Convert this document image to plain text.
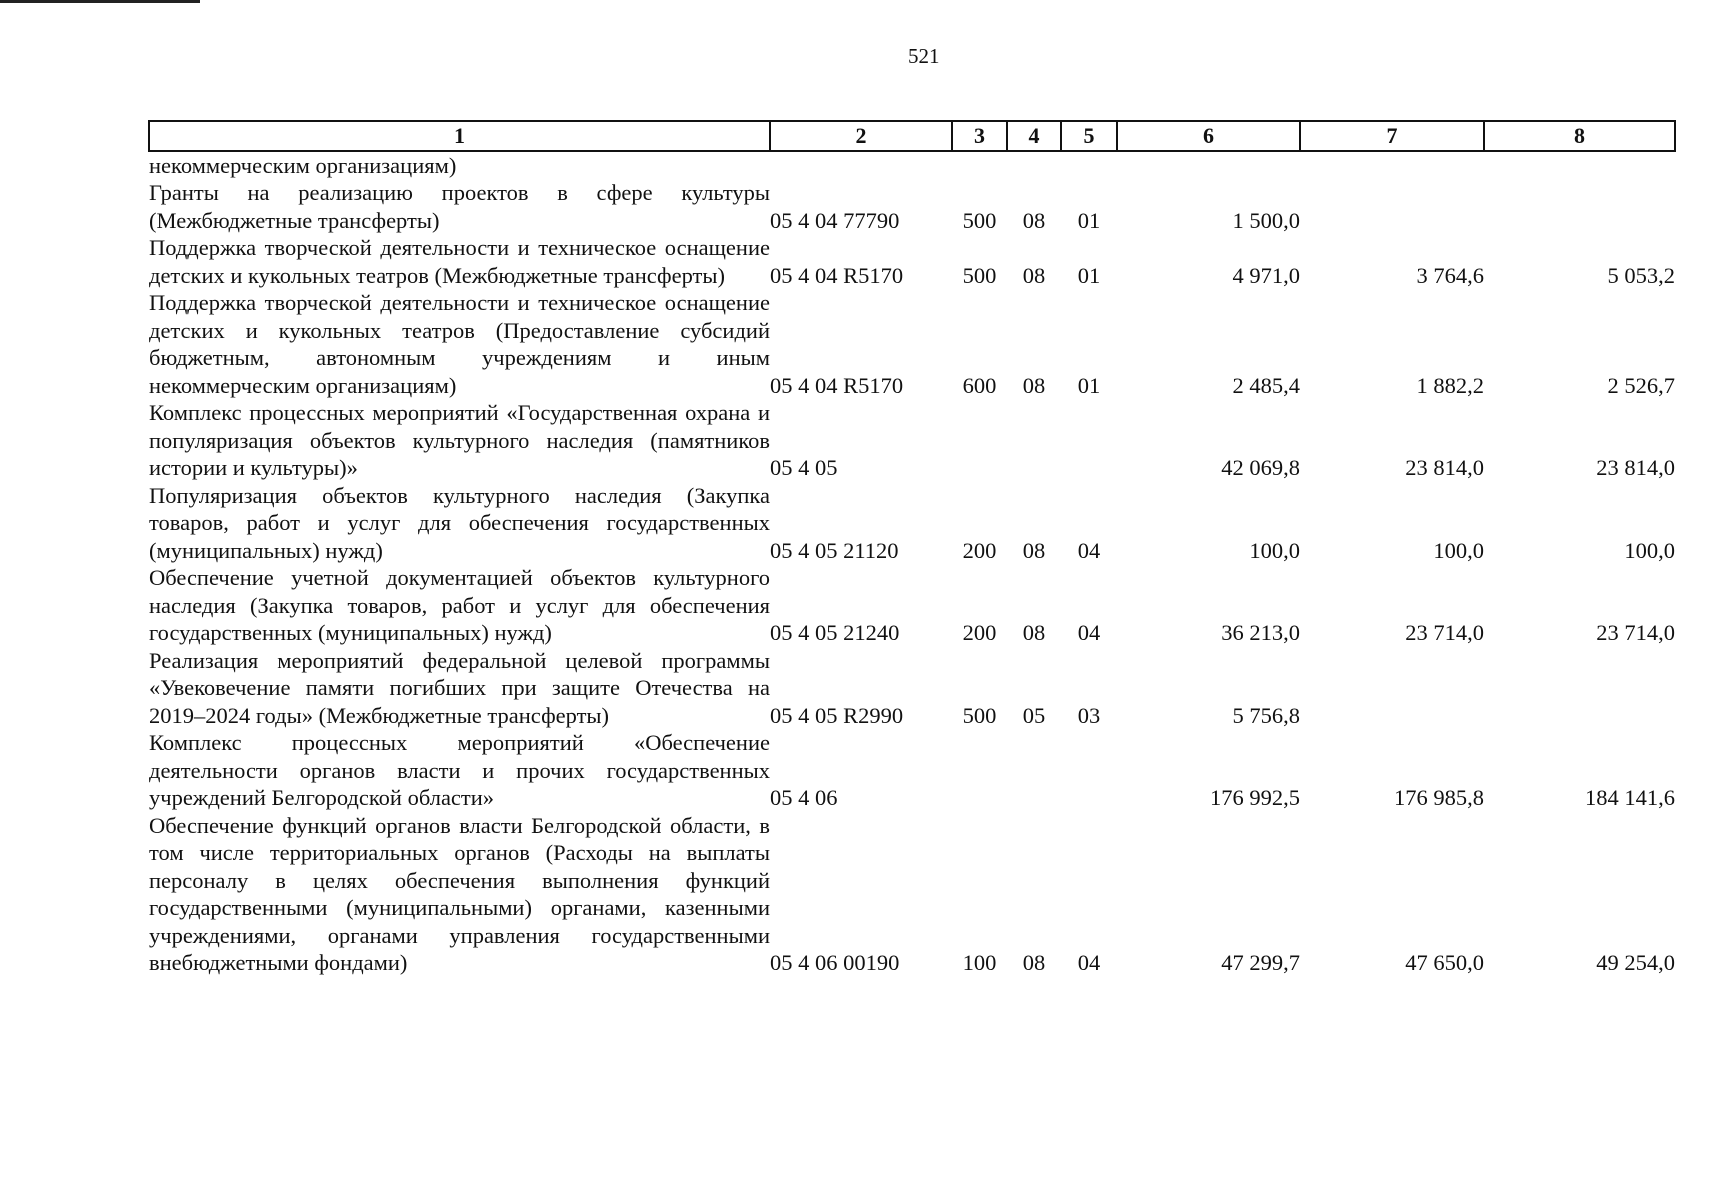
521
1	2	3	4	5	6	7	8
некоммерческим организациям)							
Гранты на реализацию проектов в сфере культуры (Межбюджетные трансферты)	05 4 04 77790	500	08	01	1 500,0		
Поддержка творческой деятельности и техническое оснащение детских и кукольных театров (Межбюджетные трансферты)	05 4 04 R5170	500	08	01	4 971,0	3 764,6	5 053,2
Поддержка творческой деятельности и техническое оснащение детских и кукольных театров (Предоставление субсидий бюджетным, автономным учреждениям и иным некоммерческим организациям)	05 4 04 R5170	600	08	01	2 485,4	1 882,2	2 526,7
Комплекс процессных мероприятий «Государственная охрана и популяризация объектов культурного наследия (памятников истории и культуры)»	05 4 05				42 069,8	23 814,0	23 814,0
Популяризация объектов культурного наследия (Закупка товаров, работ и услуг для обеспечения государственных (муниципальных) нужд)	05 4 05 21120	200	08	04	100,0	100,0	100,0
Обеспечение учетной документацией объектов культурного наследия (Закупка товаров, работ и услуг для обеспечения государственных (муниципальных) нужд)	05 4 05 21240	200	08	04	36 213,0	23 714,0	23 714,0
Реализация мероприятий федеральной целевой программы «Увековечение памяти погибших при защите Отечества на 2019–2024 годы» (Межбюджетные трансферты)	05 4 05 R2990	500	05	03	5 756,8		
Комплекс процессных мероприятий «Обеспечение деятельности органов власти и прочих государственных учреждений Белгородской области»	05 4 06				176 992,5	176 985,8	184 141,6
Обеспечение функций органов власти Белгородской области, в том числе территориальных органов (Расходы на выплаты персоналу в целях обеспечения выполнения функций государственными (муниципальными) органами, казенными учреждениями, органами управления государственными внебюджетными фондами)	05 4 06 00190	100	08	04	47 299,7	47 650,0	49 254,0
